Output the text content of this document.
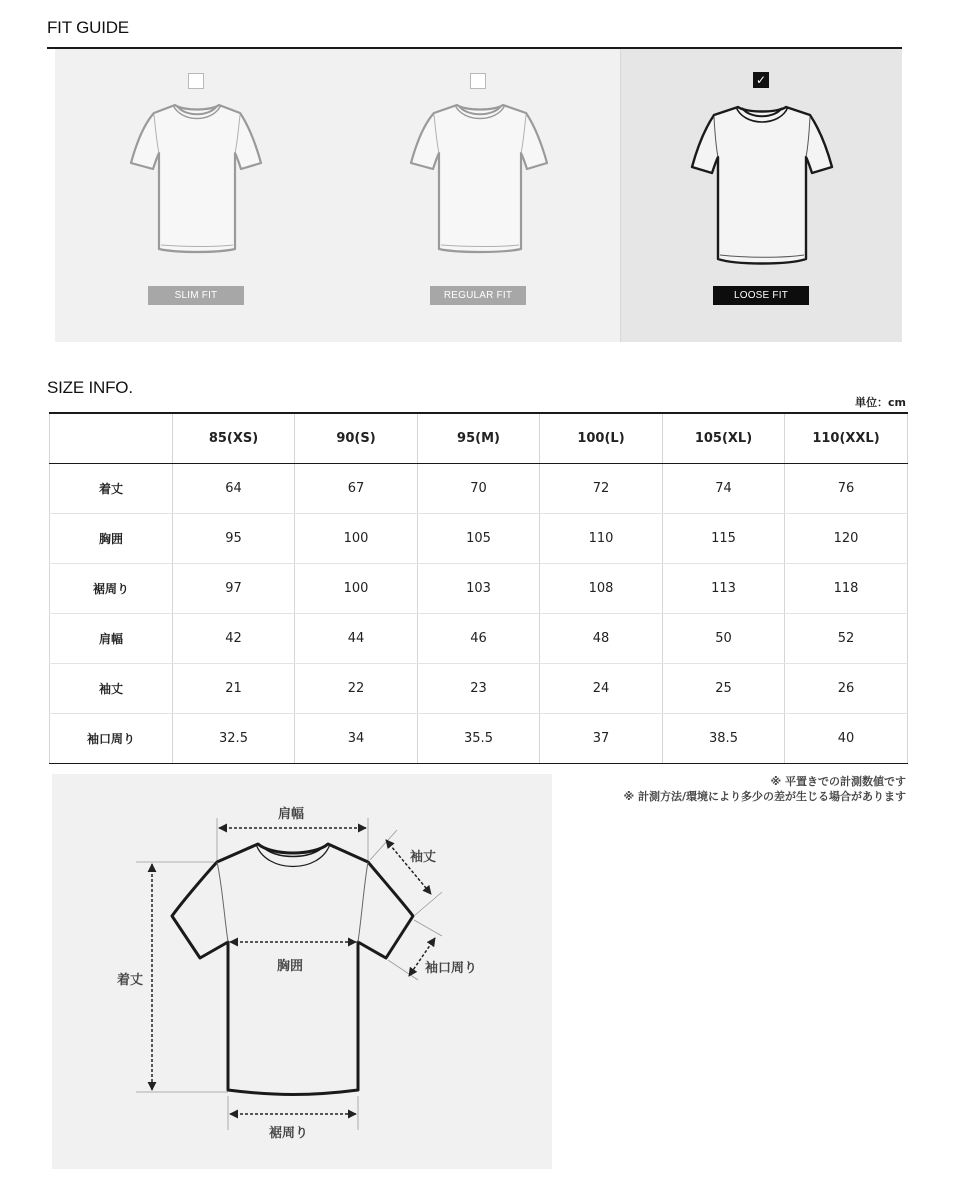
FIT GUIDE
SLIM FIT	REGULAR FIT
✓
LOOSE FIT
SIZE INFO.
単位：cm
	85(XS)	90(S)	95(M)	100(L)	105(XL)	110(XXL)
着丈	64	67	70	72	74	76
胸囲	95	100	105	110	115	120
裾周り	97	100	103	108	113	118
肩幅	42	44	46	48	50	52
袖丈	21	22	23	24	25	26
袖口周り	32.5	34	35.5	37	38.5	40
※ 平置きでの計測数値です
※ 計測方法/環境により多少の差が生じる場合があります
肩幅
袖丈
着丈
胸囲	袖口周り
裾周り
